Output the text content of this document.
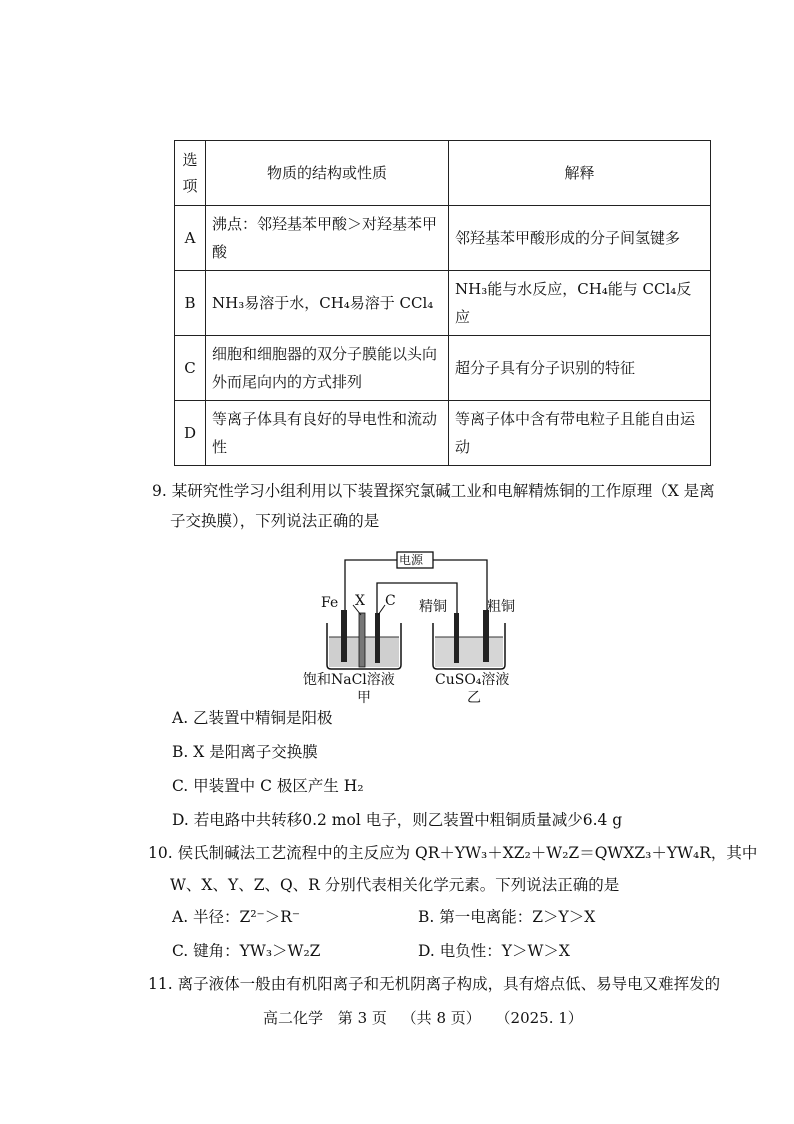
选
项	物质的结构或性质	解释
A	沸点：邻羟基苯甲酸＞对羟基苯甲酸	邻羟基苯甲酸形成的分子间氢键多
B	NH₃易溶于水，CH₄易溶于 CCl₄	NH₃能与水反应，CH₄能与 CCl₄反应
C	细胞和细胞器的双分子膜能以头向外而尾向内的方式排列	超分子具有分子识别的特征
D	等离子体具有良好的导电性和流动性	等离子体中含有带电粒子且能自由运动
9. 某研究性学习小组利用以下装置探究氯碱工业和电解精炼铜的工作原理（X 是离
子交换膜），下列说法正确的是
电源
Fe X C 精铜	粗铜
饱和NaCl溶液
甲
CuSO₄溶液
乙
A. 乙装置中精铜是阳极
B. X 是阳离子交换膜
C. 甲装置中 C 极区产生 H₂
D. 若电路中共转移0.2 mol 电子，则乙装置中粗铜质量减少6.4 g
10. 侯氏制碱法工艺流程中的主反应为 QR＋YW₃＋XZ₂＋W₂Z＝QWXZ₃＋YW₄R，其中
W、X、Y、Z、Q、R 分别代表相关化学元素。下列说法正确的是
A. 半径：Z²⁻＞R⁻	B. 第一电离能：Z＞Y＞X
C. 键角：YW₃＞W₂Z	D. 电负性：Y＞W＞X
11. 离子液体一般由有机阳离子和无机阴离子构成，具有熔点低、易导电又难挥发的
高二化学 第 3 页 （共 8 页） （2025. 1）
